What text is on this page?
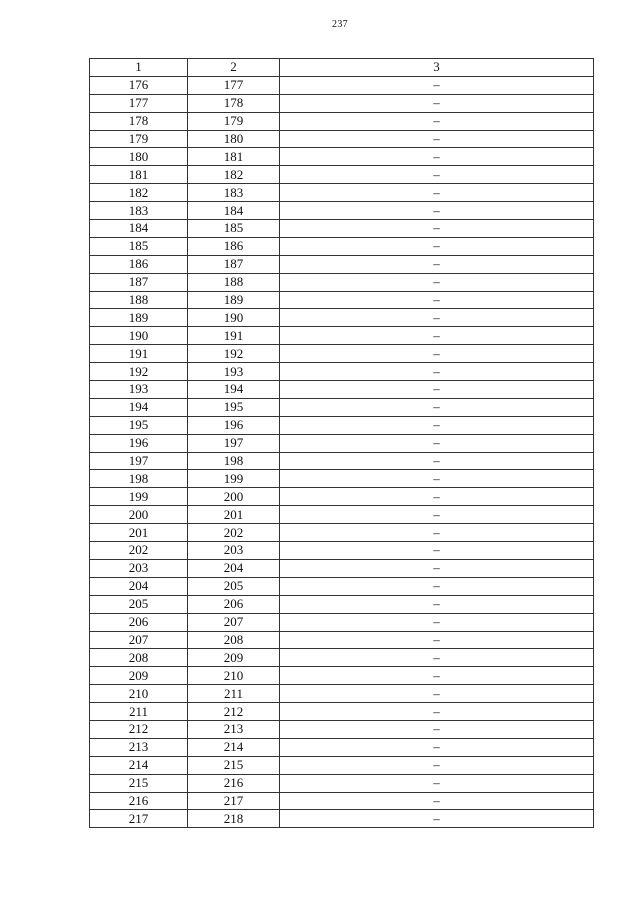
237
1	2	3
176	177	–
177	178	–
178	179	–
179	180	–
180	181	–
181	182	–
182	183	–
183	184	–
184	185	–
185	186	–
186	187	–
187	188	–
188	189	–
189	190	–
190	191	–
191	192	–
192	193	–
193	194	–
194	195	–
195	196	–
196	197	–
197	198	–
198	199	–
199	200	–
200	201	–
201	202	–
202	203	–
203	204	–
204	205	–
205	206	–
206	207	–
207	208	–
208	209	–
209	210	–
210	211	–
211	212	–
212	213	–
213	214	–
214	215	–
215	216	–
216	217	–
217	218	–
